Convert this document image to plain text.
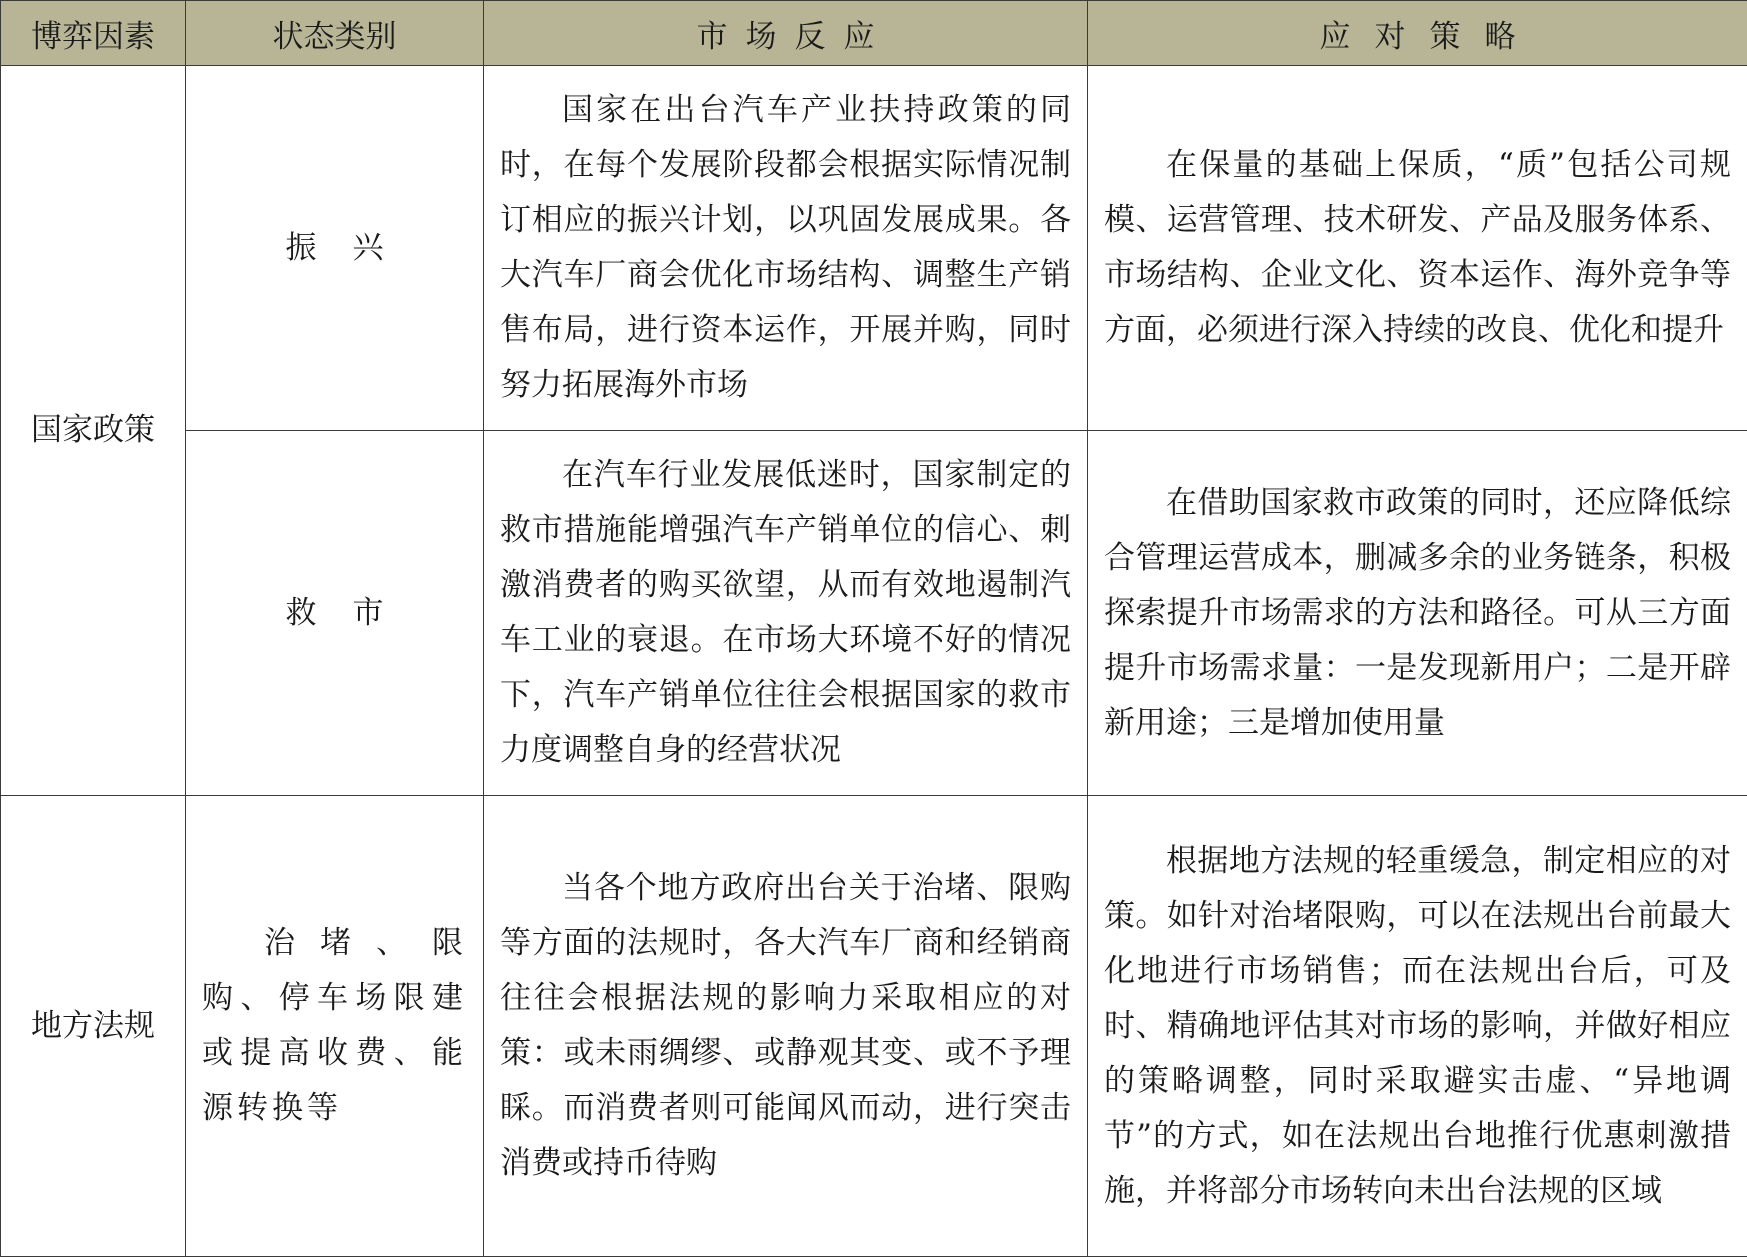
博弈因素	状态类别	市场反应	应对策略
国家政策	振兴	国家在出台汽车产业扶持政策的同时，在每个发展阶段都会根据实际情况制订相应的振兴计划，以巩固发展成果。各大汽车厂商会优化市场结构、调整生产销售布局，进行资本运作，开展并购，同时努力拓展海外市场	在保量的基础上保质，“质”包括公司规模、运营管理、技术研发、产品及服务体系、市场结构、企业文化、资本运作、海外竞争等方面，必须进行深入持续的改良、优化和提升

	救市	在汽车行业发展低迷时，国家制定的救市措施能增强汽车产销单位的信心、刺激消费者的购买欲望，从而有效地遏制汽车工业的衰退。在市场大环境不好的情况下，汽车产销单位往往会根据国家的救市力度调整自身的经营状况	在借助国家救市政策的同时，还应降低综合管理运营成本，删减多余的业务链条，积极探索提升市场需求的方法和路径。可从三方面提升市场需求量：一是发现新用户；二是开辟新用途；三是增加使用量

地方法规	治堵、限购、停车场限建或提高收费、能源转换等	当各个地方政府出台关于治堵、限购等方面的法规时，各大汽车厂商和经销商往往会根据法规的影响力采取相应的对策：或未雨绸缪、或静观其变、或不予理睬。而消费者则可能闻风而动，进行突击消费或持币待购	根据地方法规的轻重缓急，制定相应的对策。如针对治堵限购，可以在法规出台前最大化地进行市场销售；而在法规出台后，可及时、精确地评估其对市场的影响，并做好相应的策略调整，同时采取避实击虚、“异地调节”的方式，如在法规出台地推行优惠刺激措施，并将部分市场转向未出台法规的区域
